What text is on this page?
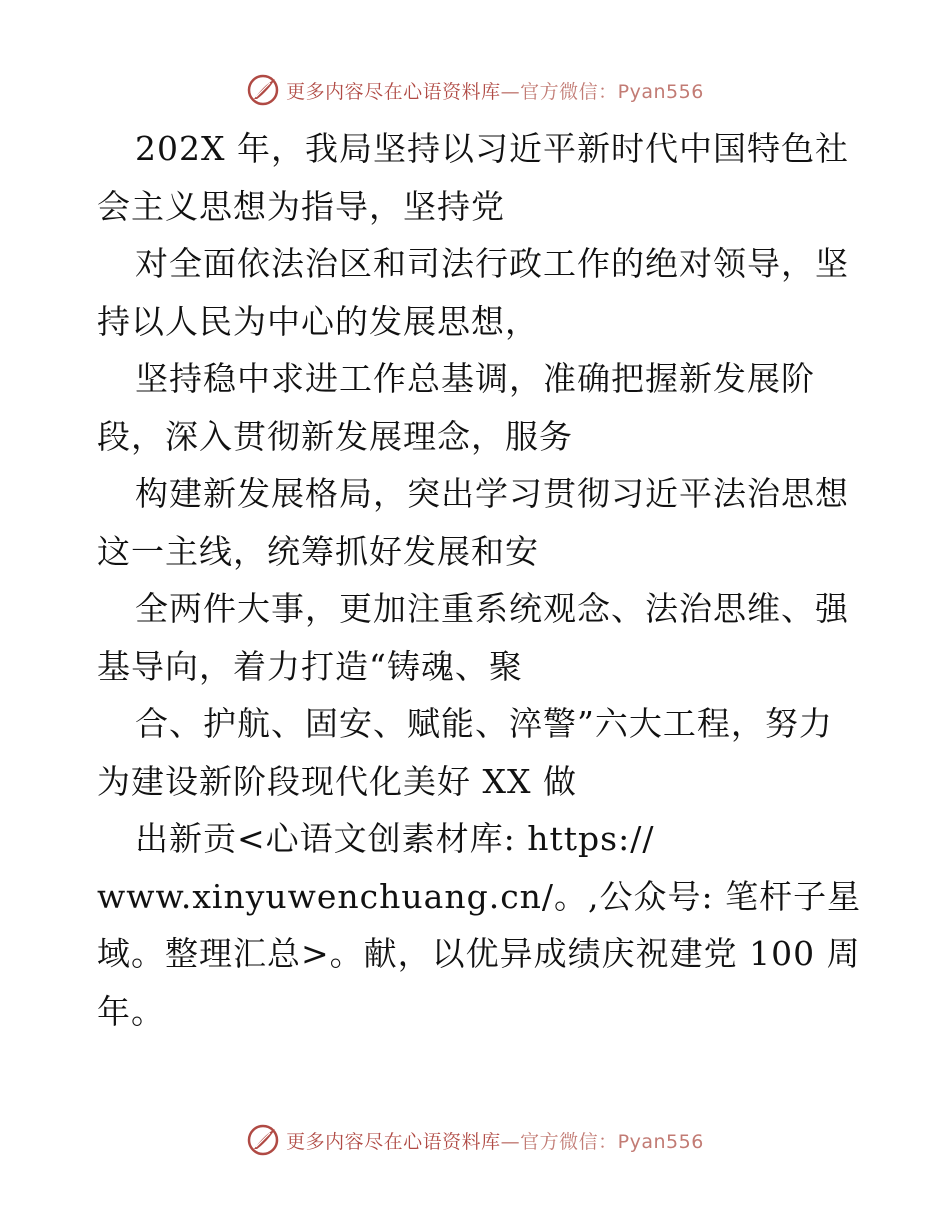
更多内容尽在心语资料库—官方微信：Pyan556
202X 年，我局坚持以习近平新时代中国特色社
会主义思想为指导，坚持党
对全面依法治区和司法行政工作的绝对领导，坚
持以人民为中心的发展思想，
坚持稳中求进工作总基调，准确把握新发展阶
段，深入贯彻新发展理念，服务
构建新发展格局，突出学习贯彻习近平法治思想
这一主线，统筹抓好发展和安
全两件大事，更加注重系统观念、法治思维、强
基导向，着力打造“铸魂、聚
合、护航、固安、赋能、淬警”六大工程，努力
为建设新阶段现代化美好 XX 做
出新贡<心语文创素材库: https://
www.xinyuwenchuang.cn/。,公众号: 笔杆子星
域。整理汇总>。献，以优异成绩庆祝建党 100 周
年。
更多内容尽在心语资料库—官方微信：Pyan556
